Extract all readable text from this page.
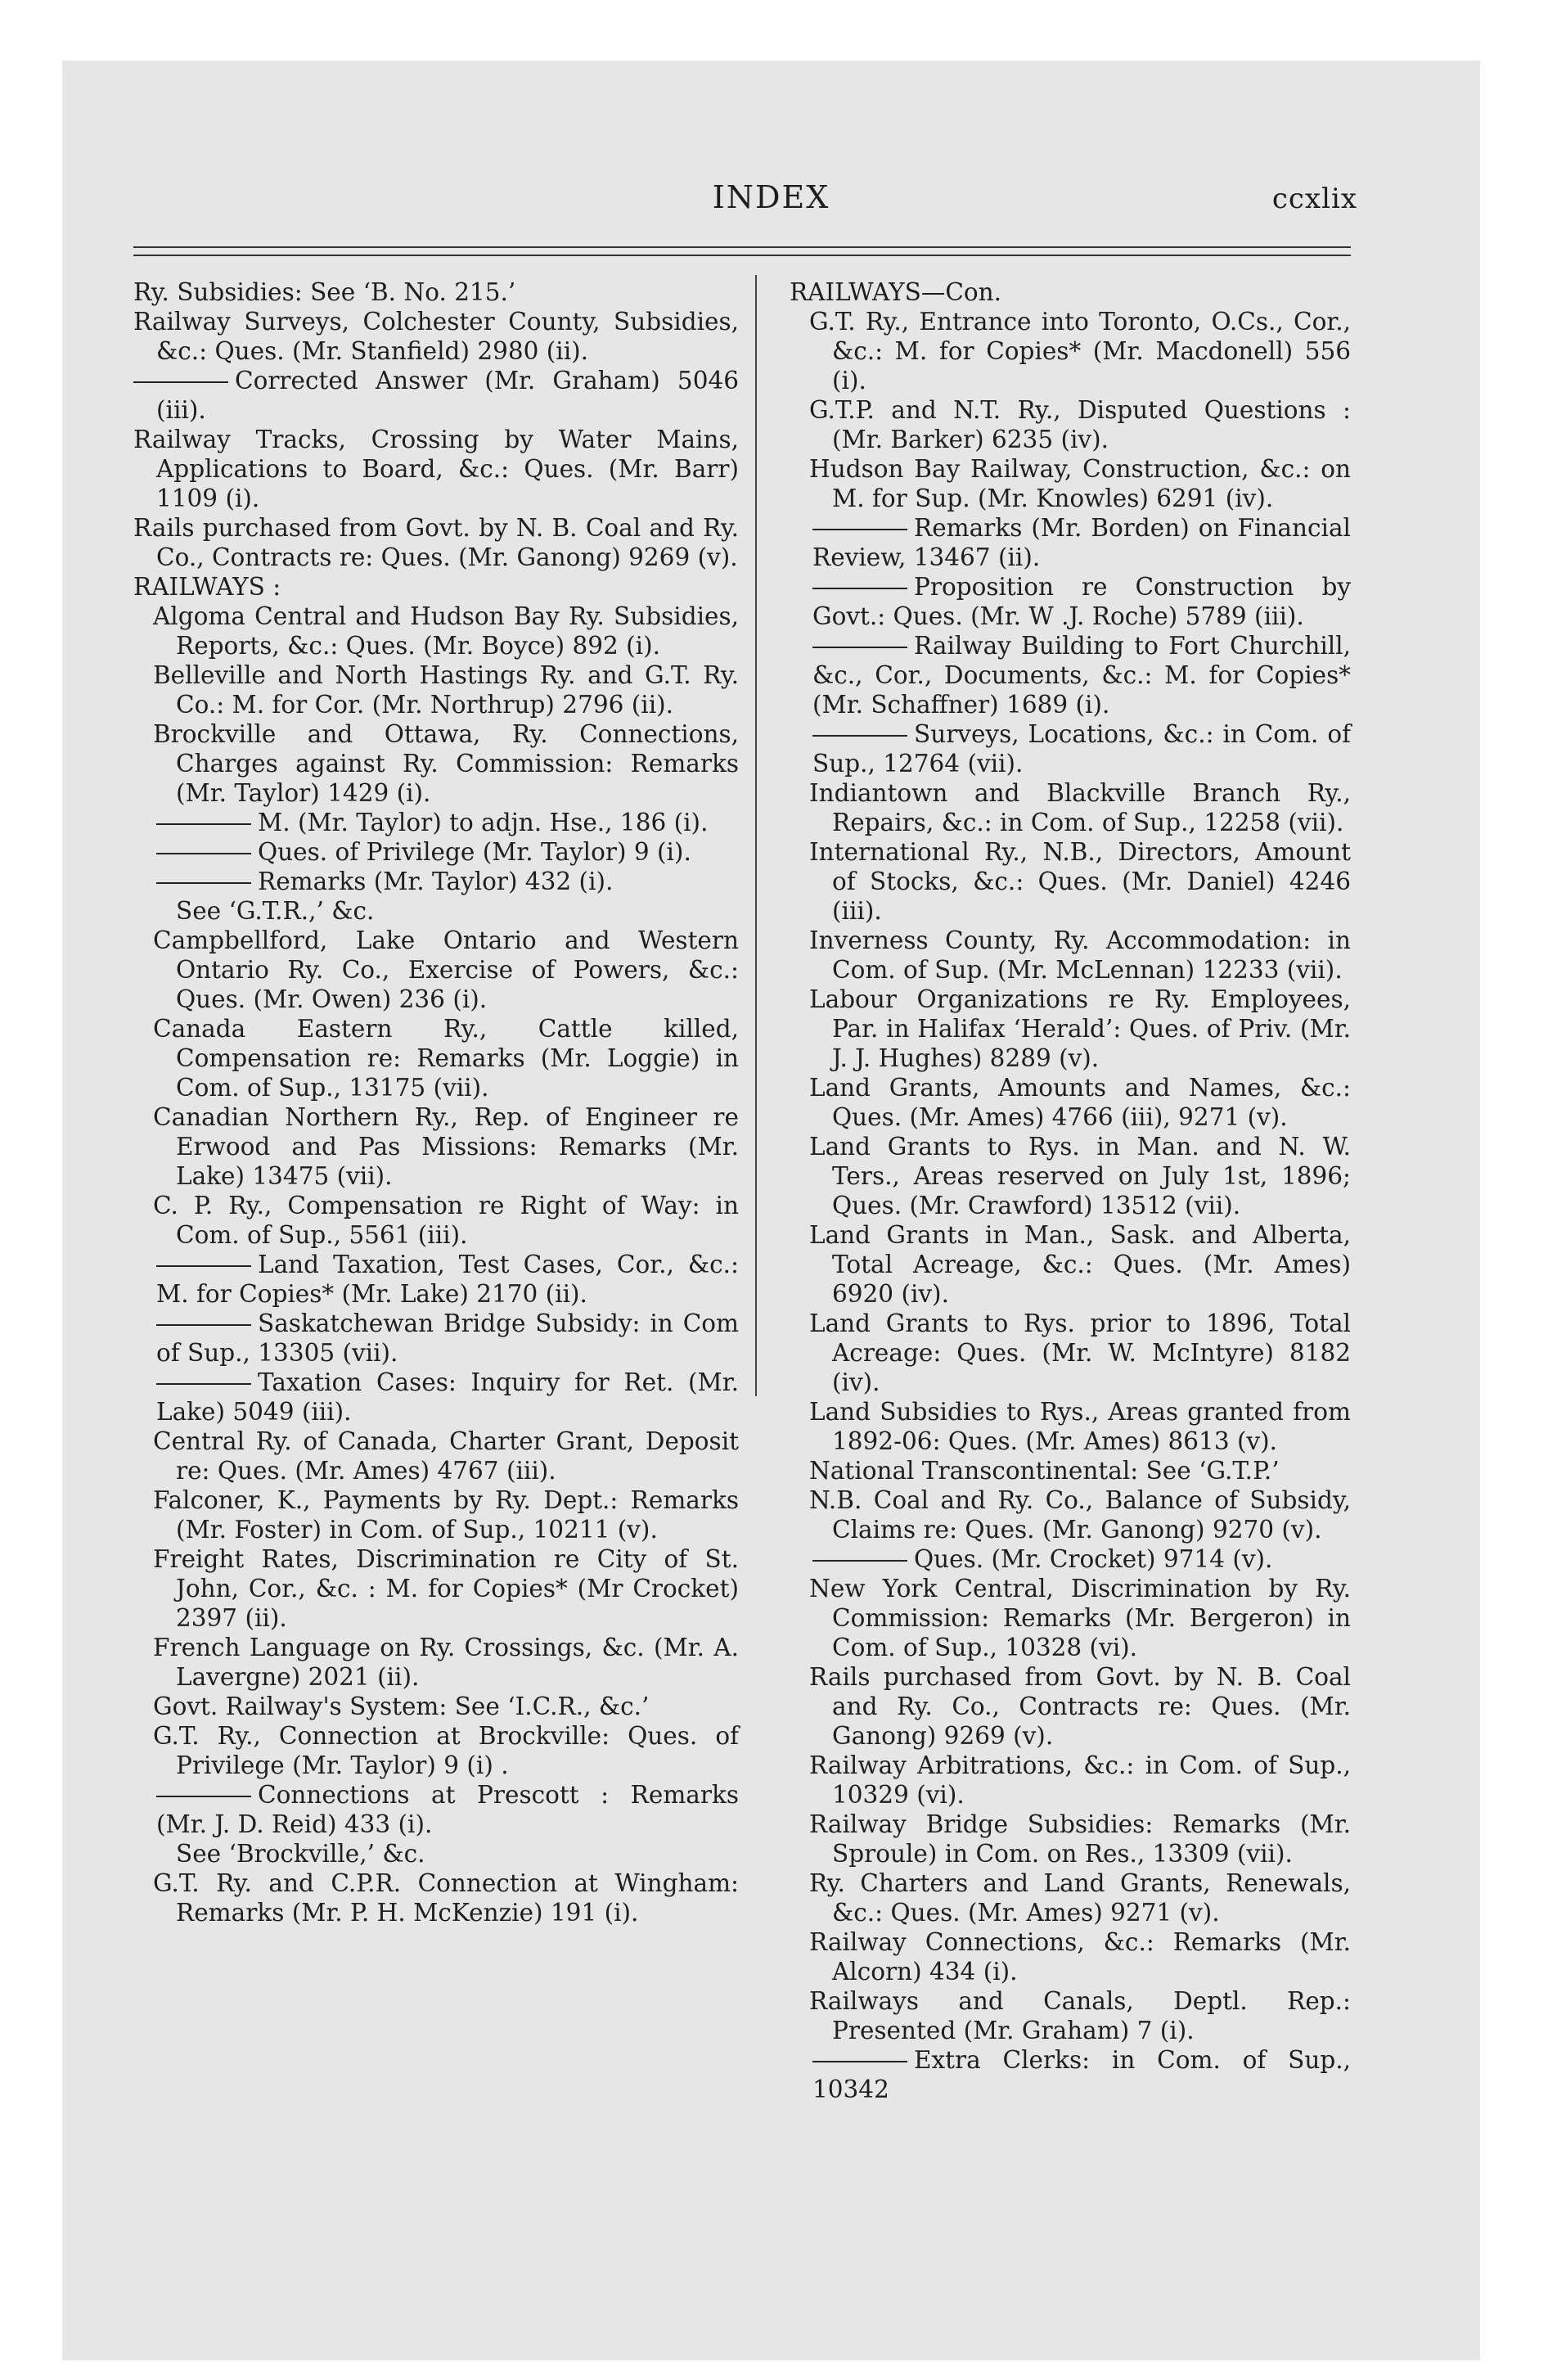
INDEX	ccxlix

Ry. Subsidies: See ‘B. No. 215.’

Railway Surveys, Colchester County, Subsidies, &c.: Ques. (Mr. Stanfield) 2980 (ii).

Corrected Answer (Mr. Graham) 5046 (iii).

Railway Tracks, Crossing by Water Mains, Applications to Board, &c.: Ques. (Mr. Barr) 1109 (i).

Rails purchased from Govt. by N. B. Coal and Ry. Co., Contracts re: Ques. (Mr. Ganong) 9269 (v).

RAILWAYS :

Algoma Central and Hudson Bay Ry. Subsidies, Reports, &c.: Ques. (Mr. Boyce) 892 (i).

Belleville and North Hastings Ry. and G.T. Ry. Co.: M. for Cor. (Mr. Northrup) 2796 (ii).

Brockville and Ottawa, Ry. Connections, Charges against Ry. Commission: Remarks (Mr. Taylor) 1429 (i).

M. (Mr. Taylor) to adjn. Hse., 186 (i).

Ques. of Privilege (Mr. Taylor) 9 (i).

Remarks (Mr. Taylor) 432 (i).

See ‘G.T.R.,’ &c.

Campbellford, Lake Ontario and Western Ontario Ry. Co., Exercise of Powers, &c.: Ques. (Mr. Owen) 236 (i).

Canada Eastern Ry., Cattle killed, Compensation re: Remarks (Mr. Loggie) in Com. of Sup., 13175 (vii).

Canadian Northern Ry., Rep. of Engineer re Erwood and Pas Missions: Remarks (Mr. Lake) 13475 (vii).

C. P. Ry., Compensation re Right of Way: in Com. of Sup., 5561 (iii).

Land Taxation, Test Cases, Cor., &c.: M. for Copies* (Mr. Lake) 2170 (ii).

Saskatchewan Bridge Subsidy: in Com of Sup., 13305 (vii).

Taxation Cases: Inquiry for Ret. (Mr. Lake) 5049 (iii).

Central Ry. of Canada, Charter Grant, Deposit re: Ques. (Mr. Ames) 4767 (iii).

Falconer, K., Payments by Ry. Dept.: Remarks (Mr. Foster) in Com. of Sup., 10211 (v).

Freight Rates, Discrimination re City of St. John, Cor., &c. : M. for Copies* (Mr Crocket) 2397 (ii).

French Language on Ry. Crossings, &c. (Mr. A. Lavergne) 2021 (ii).

Govt. Railway's System: See ‘I.C.R., &c.’

G.T. Ry., Connection at Brockville: Ques. of Privilege (Mr. Taylor) 9 (i) .

Connections at Prescott : Remarks (Mr. J. D. Reid) 433 (i).

See ‘Brockville,’ &c.

G.T. Ry. and C.P.R. Connection at Wingham: Remarks (Mr. P. H. McKenzie) 191 (i).

RAILWAYS—Con.

G.T. Ry., Entrance into Toronto, O.Cs., Cor., &c.: M. for Copies* (Mr. Macdonell) 556 (i).

G.T.P. and N.T. Ry., Disputed Questions : (Mr. Barker) 6235 (iv).

Hudson Bay Railway, Construction, &c.: on M. for Sup. (Mr. Knowles) 6291 (iv).

Remarks (Mr. Borden) on Financial Review, 13467 (ii).

Proposition re Construction by Govt.: Ques. (Mr. W .J. Roche) 5789 (iii).

Railway Building to Fort Churchill, &c., Cor., Documents, &c.: M. for Copies* (Mr. Schaffner) 1689 (i).

Surveys, Locations, &c.: in Com. of Sup., 12764 (vii).

Indiantown and Blackville Branch Ry., Repairs, &c.: in Com. of Sup., 12258 (vii).

International Ry., N.B., Directors, Amount of Stocks, &c.: Ques. (Mr. Daniel) 4246 (iii).

Inverness County, Ry. Accommodation: in Com. of Sup. (Mr. McLennan) 12233 (vii).

Labour Organizations re Ry. Employees, Par. in Halifax ‘Herald’: Ques. of Priv. (Mr. J. J. Hughes) 8289 (v).

Land Grants, Amounts and Names, &c.: Ques. (Mr. Ames) 4766 (iii), 9271 (v).

Land Grants to Rys. in Man. and N. W. Ters., Areas reserved on July 1st, 1896; Ques. (Mr. Crawford) 13512 (vii).

Land Grants in Man., Sask. and Alberta, Total Acreage, &c.: Ques. (Mr. Ames) 6920 (iv).

Land Grants to Rys. prior to 1896, Total Acreage: Ques. (Mr. W. McIntyre) 8182 (iv).

Land Subsidies to Rys., Areas granted from 1892-06: Ques. (Mr. Ames) 8613 (v).

National Transcontinental: See ‘G.T.P.’

N.B. Coal and Ry. Co., Balance of Subsidy, Claims re: Ques. (Mr. Ganong) 9270 (v).

Ques. (Mr. Crocket) 9714 (v).

New York Central, Discrimination by Ry. Commission: Remarks (Mr. Bergeron) in Com. of Sup., 10328 (vi).

Rails purchased from Govt. by N. B. Coal and Ry. Co., Contracts re: Ques. (Mr. Ganong) 9269 (v).

Railway Arbitrations, &c.: in Com. of Sup., 10329 (vi).

Railway Bridge Subsidies: Remarks (Mr. Sproule) in Com. on Res., 13309 (vii).

Ry. Charters and Land Grants, Renewals, &c.: Ques. (Mr. Ames) 9271 (v).

Railway Connections, &c.: Remarks (Mr. Alcorn) 434 (i).

Railways and Canals, Deptl. Rep.: Presented (Mr. Graham) 7 (i).

Extra Clerks: in Com. of Sup., 10342
